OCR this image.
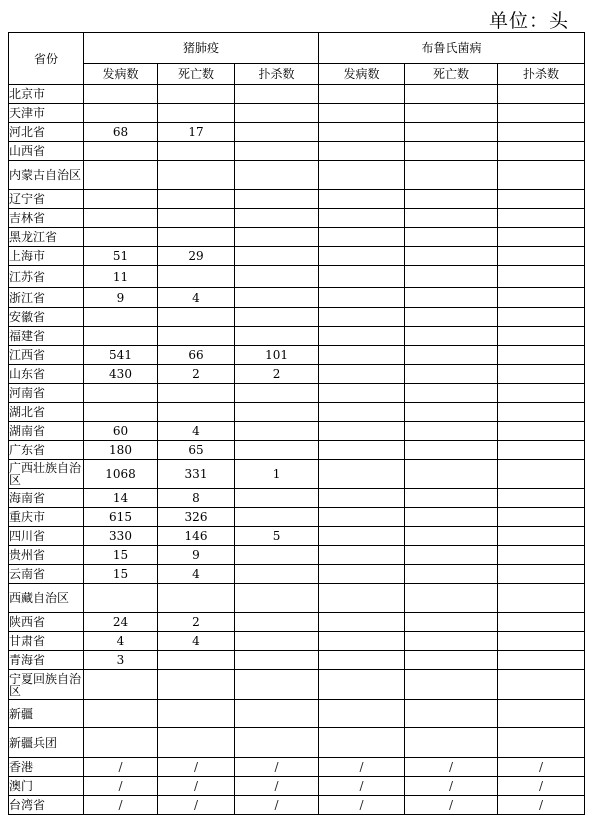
单位：头
省份	猪肺疫			布鲁氏菌病		
	发病数	死亡数	扑杀数	发病数	死亡数	扑杀数
北京市						
天津市						
河北省	68	17				
山西省						
内蒙古自治区						
辽宁省						
吉林省						
黑龙江省						
上海市	51	29				
江苏省	11					
浙江省	9	4				
安徽省						
福建省						
江西省	541	66	101			
山东省	430	2	2			
河南省						
湖北省						
湖南省	60	4				
广东省	180	65				
广西壮族自治区	1068	331	1			
海南省	14	8				
重庆市	615	326				
四川省	330	146	5			
贵州省	15	9				
云南省	15	4				
西藏自治区						
陕西省	24	2				
甘肃省	4	4				
青海省	3					
宁夏回族自治区						
新疆						
新疆兵团						
香港	/	/	/	/	/	/
澳门	/	/	/	/	/	/
台湾省	/	/	/	/	/	/
